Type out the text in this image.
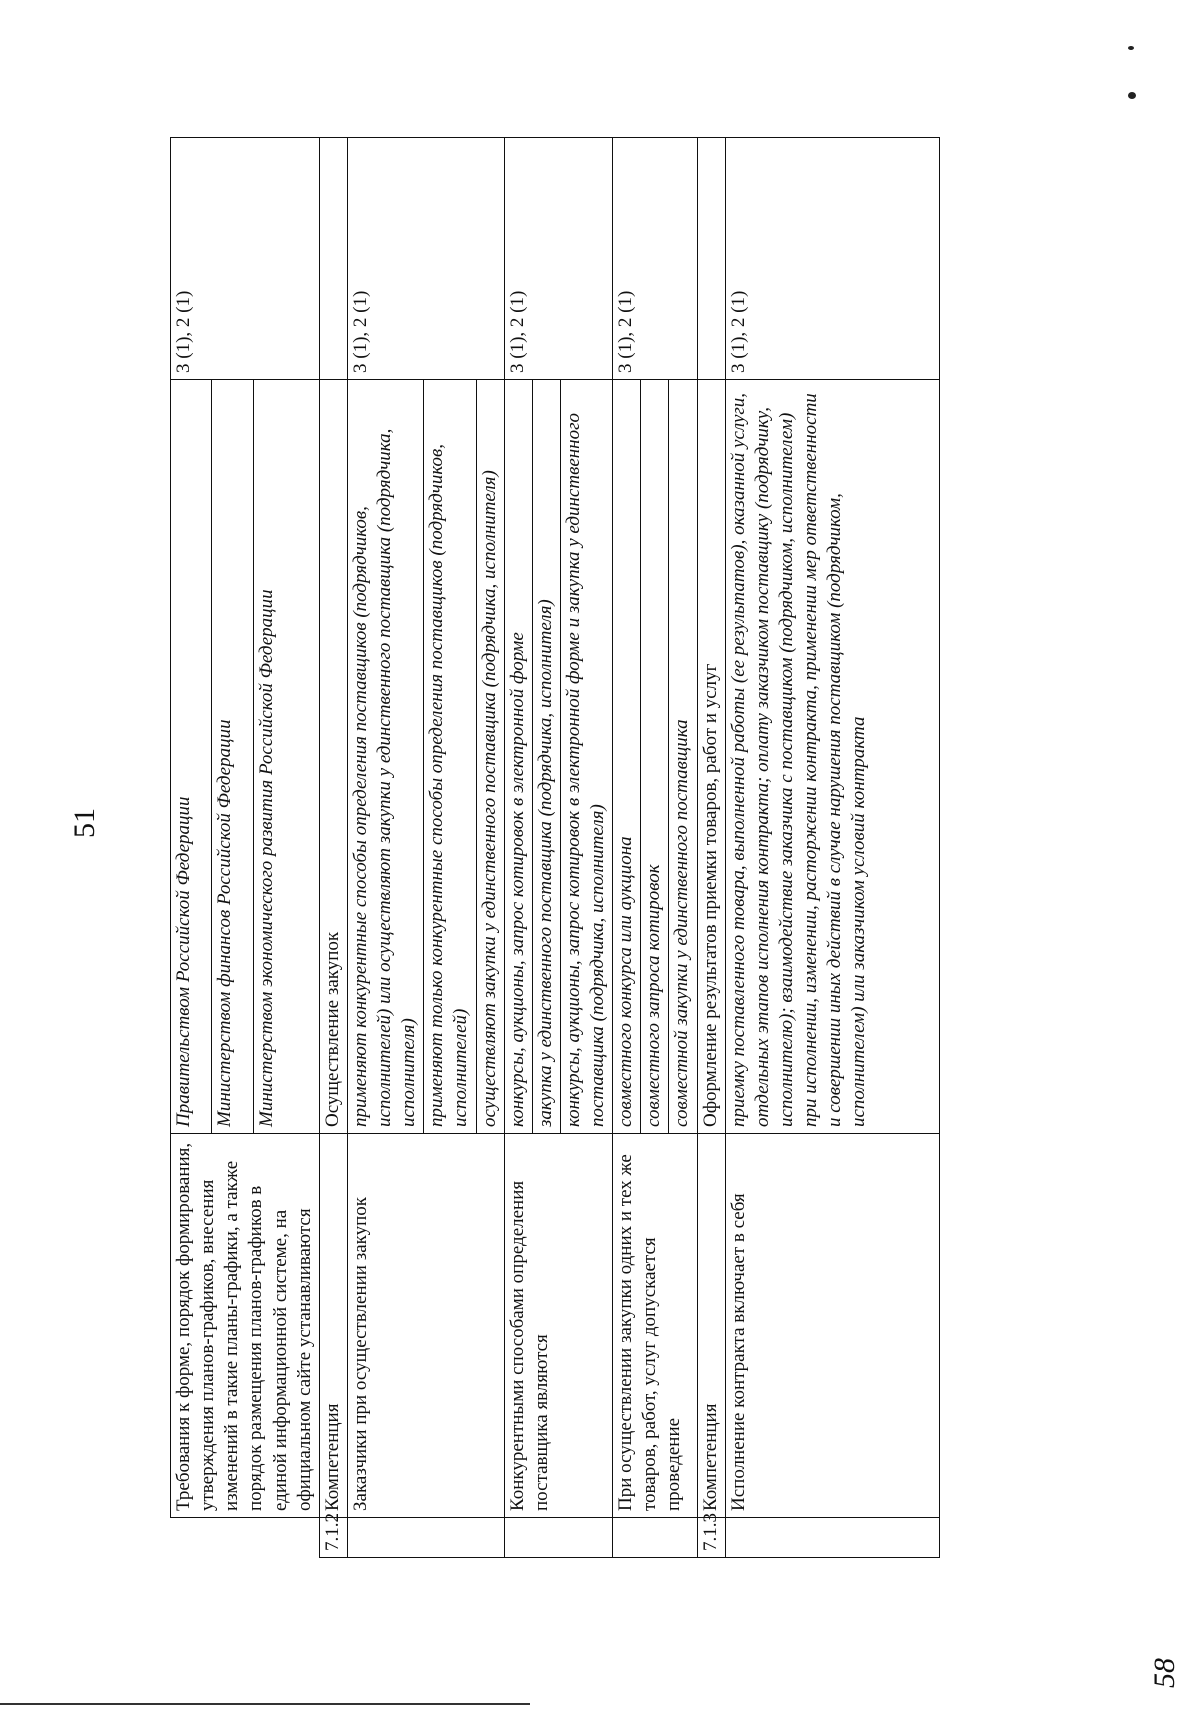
51
58
	Требования к форме, порядок формирования, утверждения планов-графиков, внесения изменений в такие планы-графики, а также порядок размещения планов-графиков в единой информационной системе, на официальном сайте устанавливаются	Правительством Российской Федерации	3 (1), 2 (1)
		Министерством финансов Российской Федерации	
		Министерством экономического развития Российской Федерации	
7.1.2	Компетенция	Осуществление закупок	
	Заказчики при осуществлении закупок	применяют конкурентные способы определения поставщиков (подрядчиков, исполнителей) или осуществляют закупки у единственного поставщика (подрядчика, исполнителя)	3 (1), 2 (1)
		применяют только конкурентные способы определения поставщиков (подрядчиков, исполнителей)	
		осуществляют закупки у единственного поставщика (подрядчика, исполнителя)	
	Конкурентными способами определения поставщика являются	конкурсы, аукционы, запрос котировок в электронной форме	3 (1), 2 (1)
		закупка у единственного поставщика (подрядчика, исполнителя)	
		конкурсы, аукционы, запрос котировок в электронной форме и закупка у единственного поставщика (подрядчика, исполнителя)	
	При осуществлении закупки одних и тех же товаров, работ, услуг допускается проведение	совместного конкурса или аукциона	3 (1), 2 (1)
		совместного запроса котировок	
		совместной закупки у единственного поставщика	
7.1.3	Компетенция	Оформление результатов приемки товаров, работ и услуг	
	Исполнение контракта включает в себя	приемку поставленного товара, выполненной работы (ее результатов), оказанной услуги, отдельных этапов исполнения контракта; оплату заказчиком поставщику (подрядчику, исполнителю); взаимодействие заказчика с поставщиком (подрядчиком, исполнителем) при исполнении, изменении, расторжении контракта, применении мер ответственности и совершении иных действий в случае нарушения поставщиком (подрядчиком, исполнителем) или заказчиком условий контракта	3 (1), 2 (1)
